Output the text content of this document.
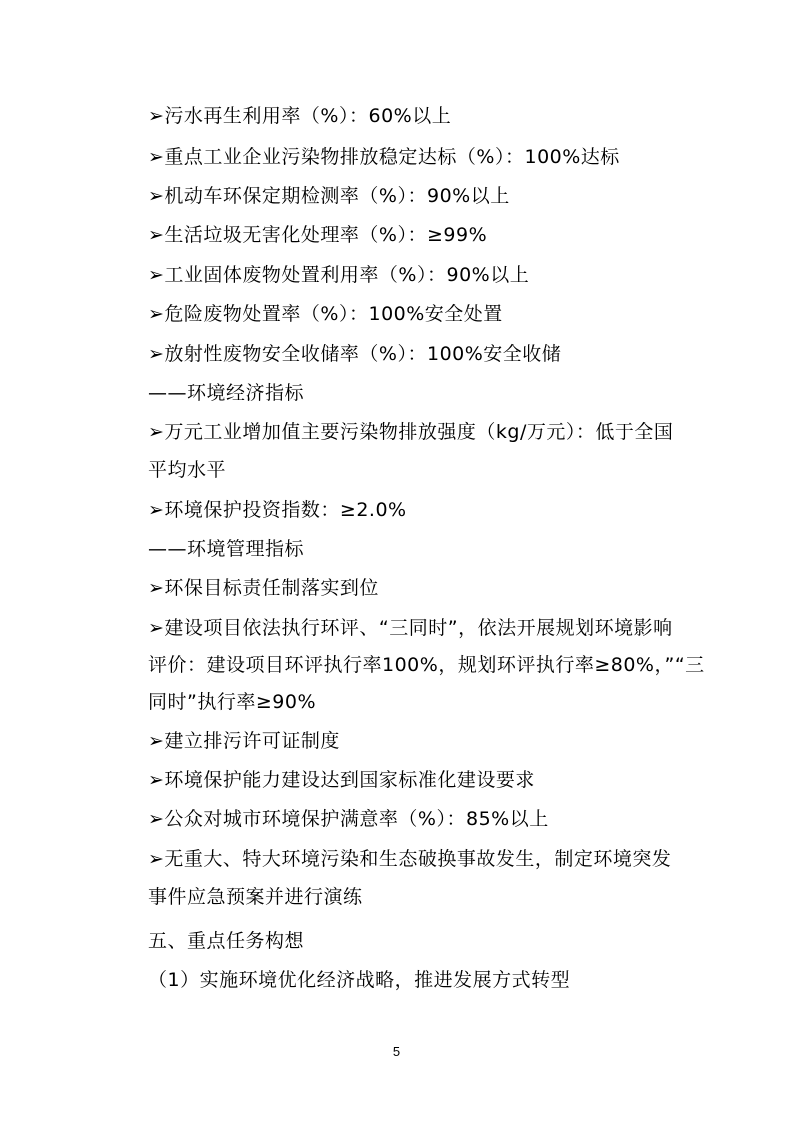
➢污水再生利用率（%）：60%以上
➢重点工业企业污染物排放稳定达标（%）：100%达标
➢机动车环保定期检测率（%）：90%以上
➢生活垃圾无害化处理率（%）：≥99%
➢工业固体废物处置利用率（%）：90%以上
➢危险废物处置率（%）：100%安全处置
➢放射性废物安全收储率（%）：100%安全收储
——环境经济指标
➢万元工业增加值主要污染物排放强度（kg/万元）：低于全国
平均水平
➢环境保护投资指数：≥2.0%
——环境管理指标
➢环保目标责任制落实到位
➢建设项目依法执行环评、“三同时”，依法开展规划环境影响
评价：建设项目环评执行率100%，规划环评执行率≥80%，”“三
同时”执行率≥90%
➢建立排污许可证制度
➢环境保护能力建设达到国家标准化建设要求
➢公众对城市环境保护满意率（%）：85%以上
➢无重大、特大环境污染和生态破换事故发生，制定环境突发
事件应急预案并进行演练
五、重点任务构想
（1）实施环境优化经济战略，推进发展方式转型
5
